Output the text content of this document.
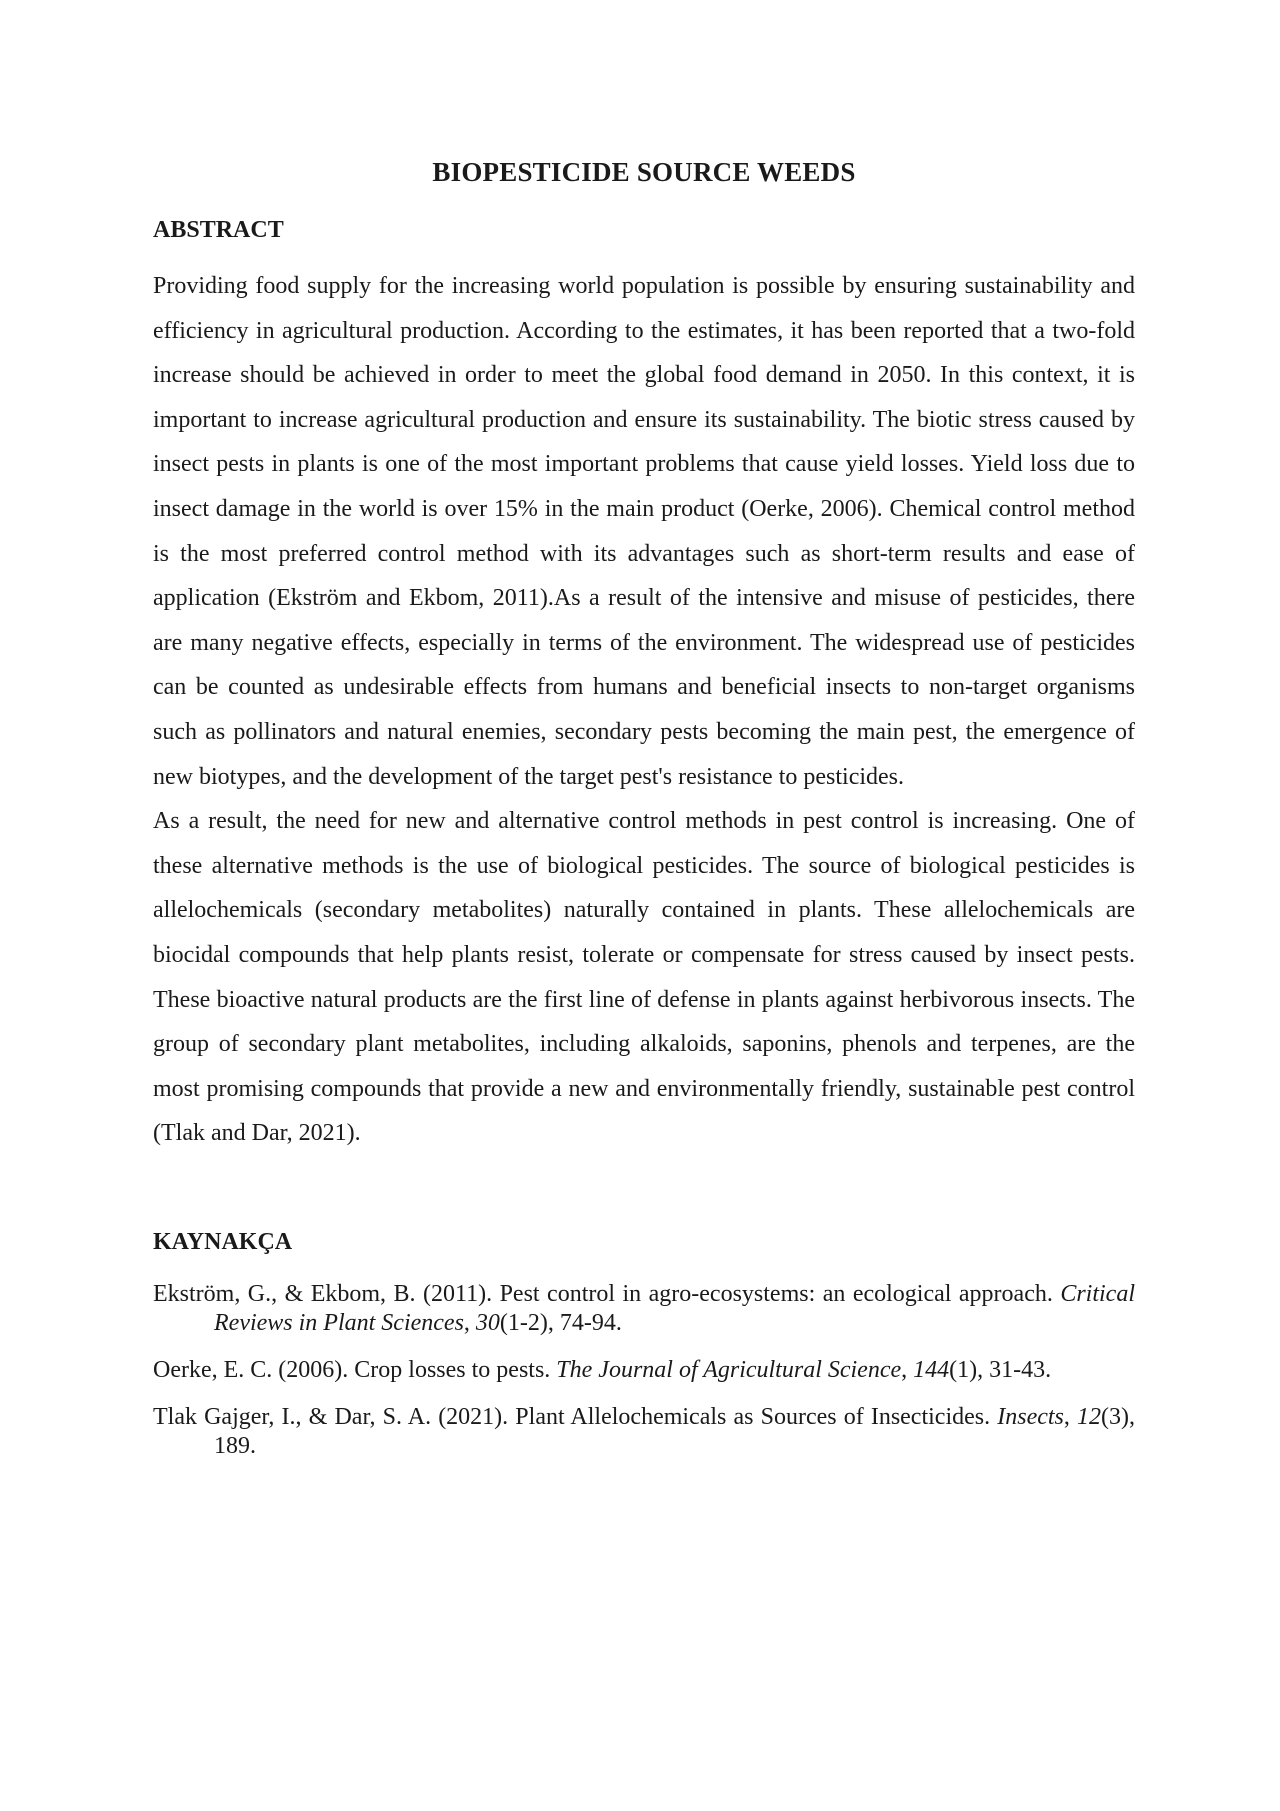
BIOPESTICIDE SOURCE WEEDS
ABSTRACT

Providing food supply for the increasing world population is possible by ensuring sustainability and efficiency in agricultural production. According to the estimates, it has been reported that a two-fold increase should be achieved in order to meet the global food demand in 2050. In this context, it is important to increase agricultural production and ensure its sustainability. The biotic stress caused by insect pests in plants is one of the most important problems that cause yield losses. Yield loss due to insect damage in the world is over 15% in the main product (Oerke, 2006). Chemical control method is the most preferred control method with its advantages such as short-term results and ease of application (Ekström and Ekbom, 2011).As a result of the intensive and misuse of pesticides, there are many negative effects, especially in terms of the environment. The widespread use of pesticides can be counted as undesirable effects from humans and beneficial insects to non-target organisms such as pollinators and natural enemies, secondary pests becoming the main pest, the emergence of new biotypes, and the development of the target pest's resistance to pesticides.

As a result, the need for new and alternative control methods in pest control is increasing. One of these alternative methods is the use of biological pesticides. The source of biological pesticides is allelochemicals (secondary metabolites) naturally contained in plants. These allelochemicals are biocidal compounds that help plants resist, tolerate or compensate for stress caused by insect pests. These bioactive natural products are the first line of defense in plants against herbivorous insects. The group of secondary plant metabolites, including alkaloids, saponins, phenols and terpenes, are the most promising compounds that provide a new and environmentally friendly, sustainable pest control (Tlak and Dar, 2021).

KAYNAKÇA

Ekström, G., & Ekbom, B. (2011). Pest control in agro-ecosystems: an ecological approach. Critical Reviews in Plant Sciences, 30(1-2), 74-94.

Oerke, E. C. (2006). Crop losses to pests. The Journal of Agricultural Science, 144(1), 31-43.

Tlak Gajger, I., & Dar, S. A. (2021). Plant Allelochemicals as Sources of Insecticides. Insects, 12(3), 189.
